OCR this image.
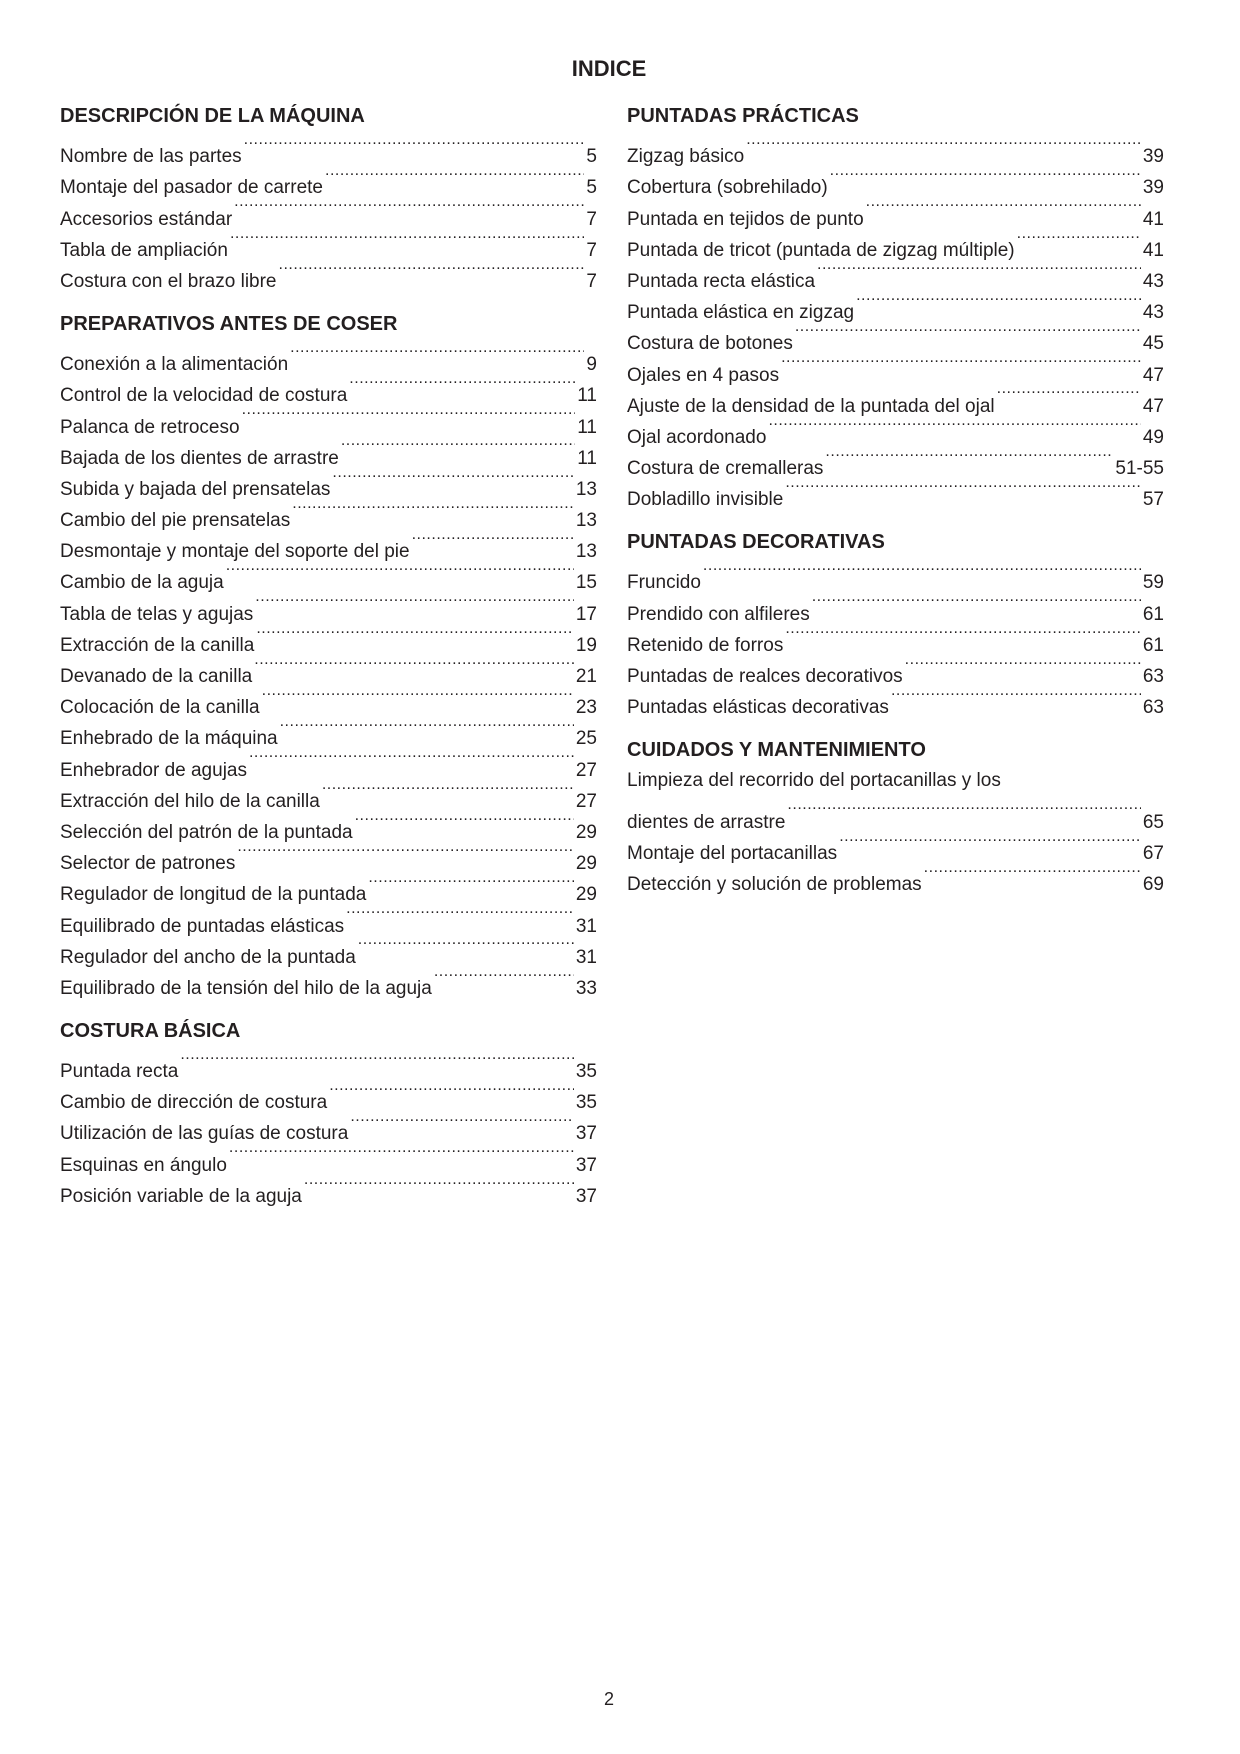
INDICE
DESCRIPCIÓN DE LA MÁQUINA
Nombre de las partes .....	5
Montaje del pasador de carrete .....	5
Accesorios estándar .....	7
Tabla de ampliación .....	7
Costura con el brazo libre .....	7
PREPARATIVOS ANTES DE COSER
Conexión a la alimentación .....	9
Control de la velocidad de costura .....	11
Palanca de retroceso .....	11
Bajada de los dientes de arrastre .....	11
Subida y bajada del prensatelas .....	13
Cambio del pie prensatelas .....	13
Desmontaje y montaje del soporte del pie .....	13
Cambio de la aguja .....	15
Tabla de telas y agujas .....	17
Extracción de la canilla .....	19
Devanado de la canilla .....	21
Colocación de la canilla .....	23
Enhebrado de la máquina .....	25
Enhebrador de agujas .....	27
Extracción del hilo de la canilla .....	27
Selección del patrón de la puntada .....	29
Selector de patrones .....	29
Regulador de longitud de la puntada .....	29
Equilibrado de puntadas elásticas .....	31
Regulador del ancho de la puntada .....	31
Equilibrado de la tensión del hilo de la aguja .....	33
COSTURA BÁSICA
Puntada recta .....	35
Cambio de dirección de costura .....	35
Utilización de las guías de costura .....	37
Esquinas en ángulo .....	37
Posición variable de la aguja .....	37
PUNTADAS PRÁCTICAS
Zigzag básico .....	39
Cobertura (sobrehilado) .....	39
Puntada en tejidos de punto .....	41
Puntada de tricot (puntada de zigzag múltiple) .....	41
Puntada recta elástica .....	43
Puntada elástica en zigzag .....	43
Costura de botones .....	45
Ojales en 4 pasos .....	47
Ajuste de la densidad de la puntada del ojal .....	47
Ojal acordonado .....	49
Costura de cremalleras .....	51-55
Dobladillo invisible .....	57
PUNTADAS DECORATIVAS
Fruncido .....	59
Prendido con alfileres .....	61
Retenido de forros .....	61
Puntadas de realces decorativos .....	63
Puntadas elásticas decorativas .....	63
CUIDADOS Y MANTENIMIENTO
Limpieza del recorrido del portacanillas y los
dientes de arrastre .....	65
Montaje del portacanillas .....	67
Detección y solución de problemas .....	69
2
